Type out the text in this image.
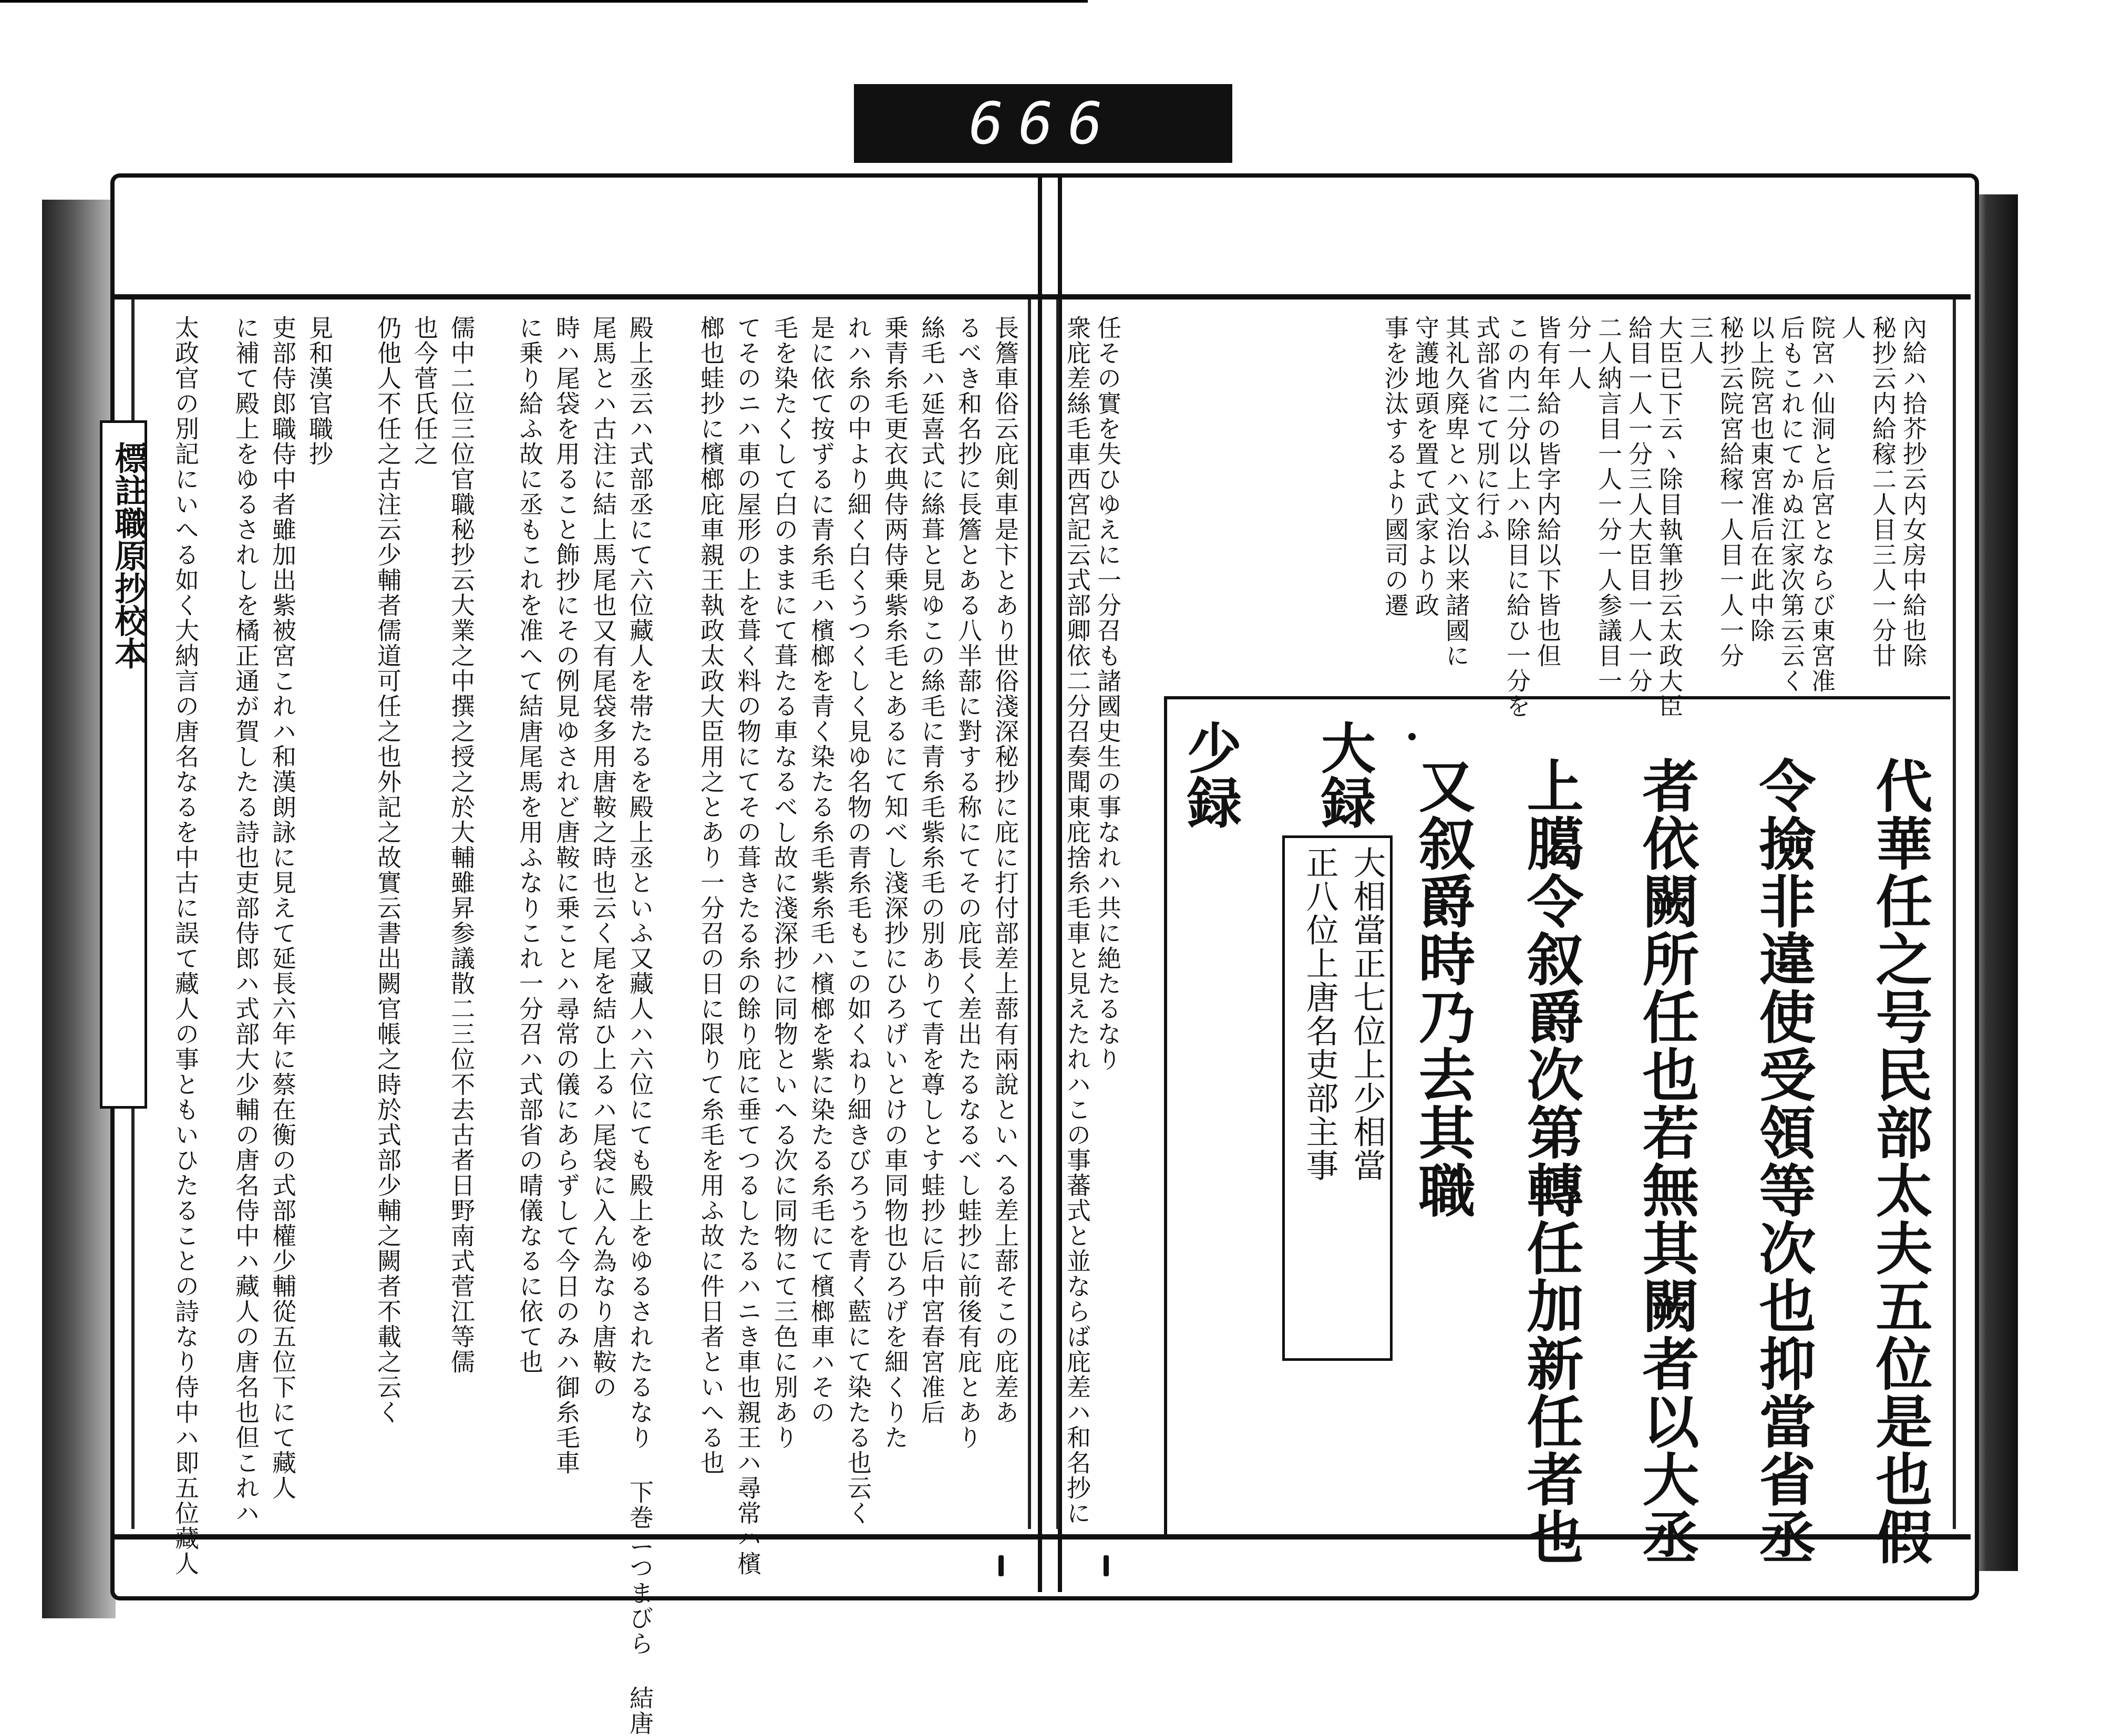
666
標註職原抄校本	內給ハ拾芥抄云内女房中給也除
秘抄云内給稼二人目三人一分廿
人
院宮ハ仙洞と后宮とならび東宮准
后もこれにてかぬ江家次第云云く
以上院宮也東宮准后在此中除
秘抄云院宮給稼一人目一人一分
三人
大臣已下云ヽ除目執筆抄云太政大臣
給目一人一分三人大臣目一人一分
二人納言目一人一分一人参議目一
分一人
皆有年給の皆字内給以下皆也但
この内二分以上ハ除目に給ひ一分を
式部省にて別に行ふ
其礼久廃卑とハ文治以来諸國に
守護地頭を置て武家より政
事を沙汰するより國司の遷
任その實を失ひゆえに一分召も諸國史生の事なれハ共に絶たるなり
衆庇差絲毛車西宮記云式部卿依二分召奏聞東庇捨糸毛車と見えたれハこの事蕃式と並ならば庇差ハ和名抄に	代華任之号民部太夫五位是也假
令撿非違使受領等次也抑當省丞
者依闕所任也若無其闕者以大丞
上臈令叙爵次第轉任加新任者也
又叙爵時乃去其職
大録
少録
大相當正七位上少相當
正八位上唐名吏部主事
長簷車俗云庇剣車是卞とあり世俗淺深秘抄に庇に打付部差上蔀有兩說といへる差上蔀そこの庇差あ
るべき和名抄に長簷とある八半蔀に對する称にてその庇長く差出たるなるべし蛙抄に前後有庇とあり
絲毛ハ延喜式に絲葺と見ゆこの絲毛に青糸毛紫糸毛の別ありて青を尊しとす蛙抄に后中宮春宮准后
乗青糸毛更衣典侍两侍乗紫糸毛とあるにて知べし淺深抄にひろげいとけの車同物也ひろげを細くりた
れハ糸の中より細く白くうつくしく見ゆ名物の青糸毛もこの如くねり細きびろうを青く藍にて染たる也云く
是に依て按ずるに青糸毛ハ檳榔を青く染たる糸毛紫糸毛ハ檳榔を紫に染たる糸毛にて檳榔車ハその
毛を染たくして白のままにて葺たる車なるべし故に淺深抄に同物といへる次に同物にて三色に別あり
てそのニハ車の屋形の上を葺く料の物にてその葺きたる糸の餘り庇に垂てつるしたるハニき車也親王ハ尋常ハ檳
榔也蛙抄に檳榔庇車親王執政太政大臣用之とあり一分召の日に限りて糸毛を用ふ故に件日者といへる也
殿上丞云ハ式部丞にて六位藏人を帯たるを殿上丞といふ又藏人ハ六位にても殿上をゆるされたるなり 下巻ニつまびら 結唐
尾馬とハ古注に結上馬尾也又有尾袋多用唐鞍之時也云く尾を結ひ上るハ尾袋に入ん為なり唐鞍の
時ハ尾袋を用ること飾抄にその例見ゆされど唐鞍に乗ことハ尋常の儀にあらずして今日のみハ御糸毛車
に乗り給ふ故に丞もこれを准へて結唐尾馬を用ふなりこれ一分召ハ式部省の晴儀なるに依て也
儒中二位三位官職秘抄云大業之中撰之授之於大輔雖昇参議散二三位不去古者日野南式菅江等儒
也今菅氏任之
仍他人不任之古注云少輔者儒道可任之也外記之故實云書出闕官帳之時於式部少輔之闕者不載之云く
見和漢官職抄
吏部侍郎職侍中者雖加出紫被宮これハ和漢朗詠に見えて延長六年に蔡在衡の式部權少輔從五位下にて藏人
に補て殿上をゆるされしを橘正通が賀したる詩也吏部侍郎ハ式部大少輔の唐名侍中ハ藏人の唐名也但これハ
太政官の別記にいへる如く大納言の唐名なるを中古に誤て藏人の事ともいひたることの詩なり侍中ハ即五位藏人
